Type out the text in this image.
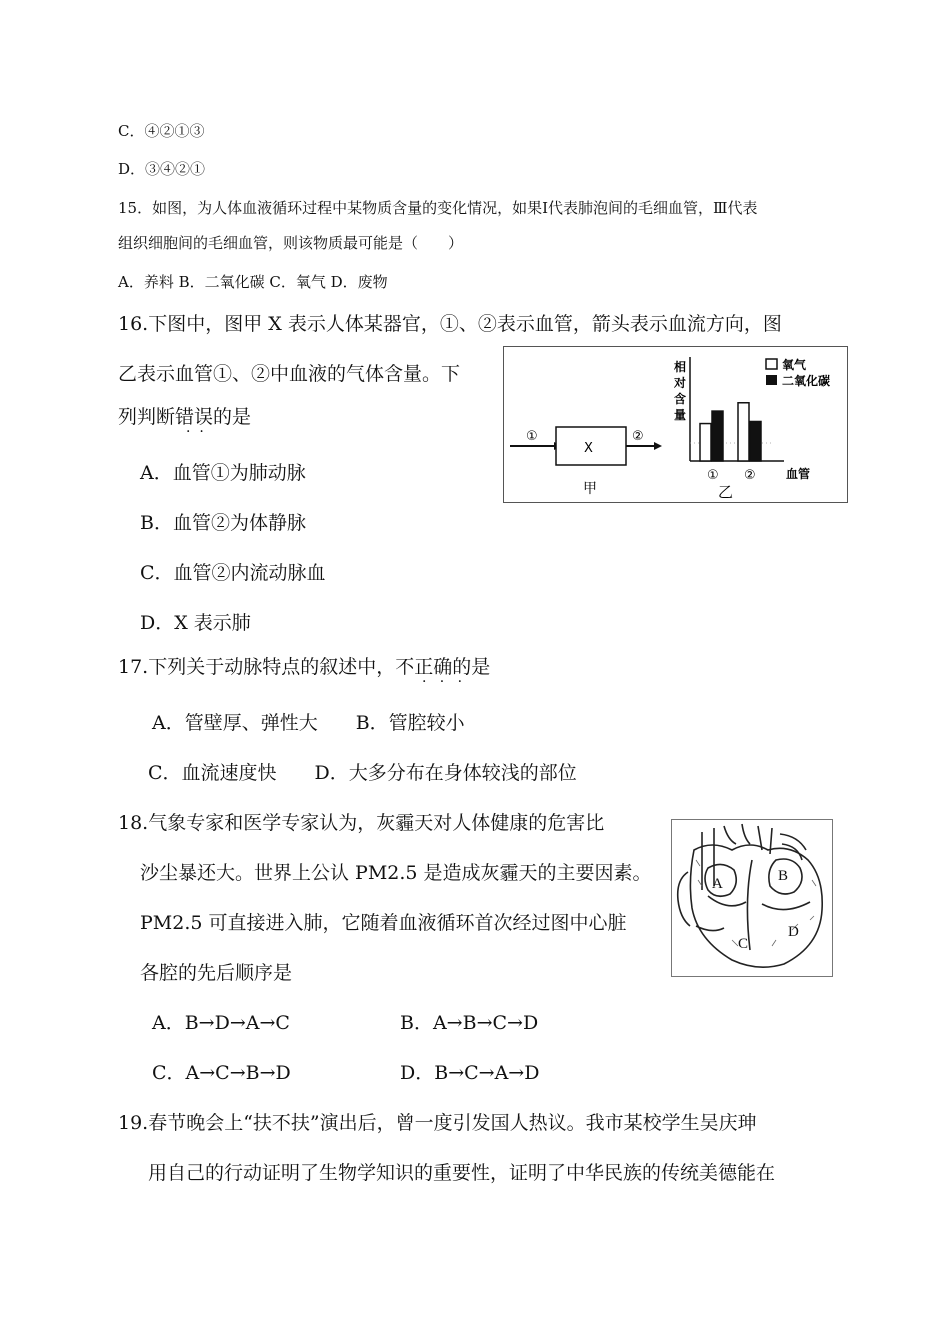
C．④②①③
D．③④②①
15．如图，为人体血液循环过程中某物质含量的变化情况，如果Ⅰ代表肺泡间的毛细血管，Ⅲ代表
组织细胞间的毛细血管，则该物质最可能是（　　）
A．养料 B．二氧化碳 C．氧气 D．废物
16.下图中，图甲 X 表示人体某器官，①、②表示血管，箭头表示血流方向，图
乙表示血管①、②中血液的气体含量。下
列判断错误的是
·  ·
A．血管①为肺动脉
B．血管②为体静脉
C．血管②内流动脉血
D．X 表示肺
①
X
②
甲
相
对
含
量
① ②	血管
乙
氧气
二氧化碳
17.下列关于动脉特点的叙述中，不正确的是
·   ·   ·
A．管壁厚、弹性大　　B．管腔较小
C．血流速度快　　D．大多分布在身体较浅的部位
18.气象专家和医学专家认为，灰霾天对人体健康的危害比
沙尘暴还大。世界上公认 PM2.5 是造成灰霾天的主要因素。
PM2.5 可直接进入肺，它随着血液循环首次经过图中心脏
各腔的先后顺序是
A．B→D→A→C	B．A→B→C→D
C．A→C→B→D	D．B→C→A→D
A	B
C
D
19.春节晚会上“扶不扶”演出后，曾一度引发国人热议。我市某校学生吴庆珅
用自己的行动证明了生物学知识的重要性，证明了中华民族的传统美德能在
